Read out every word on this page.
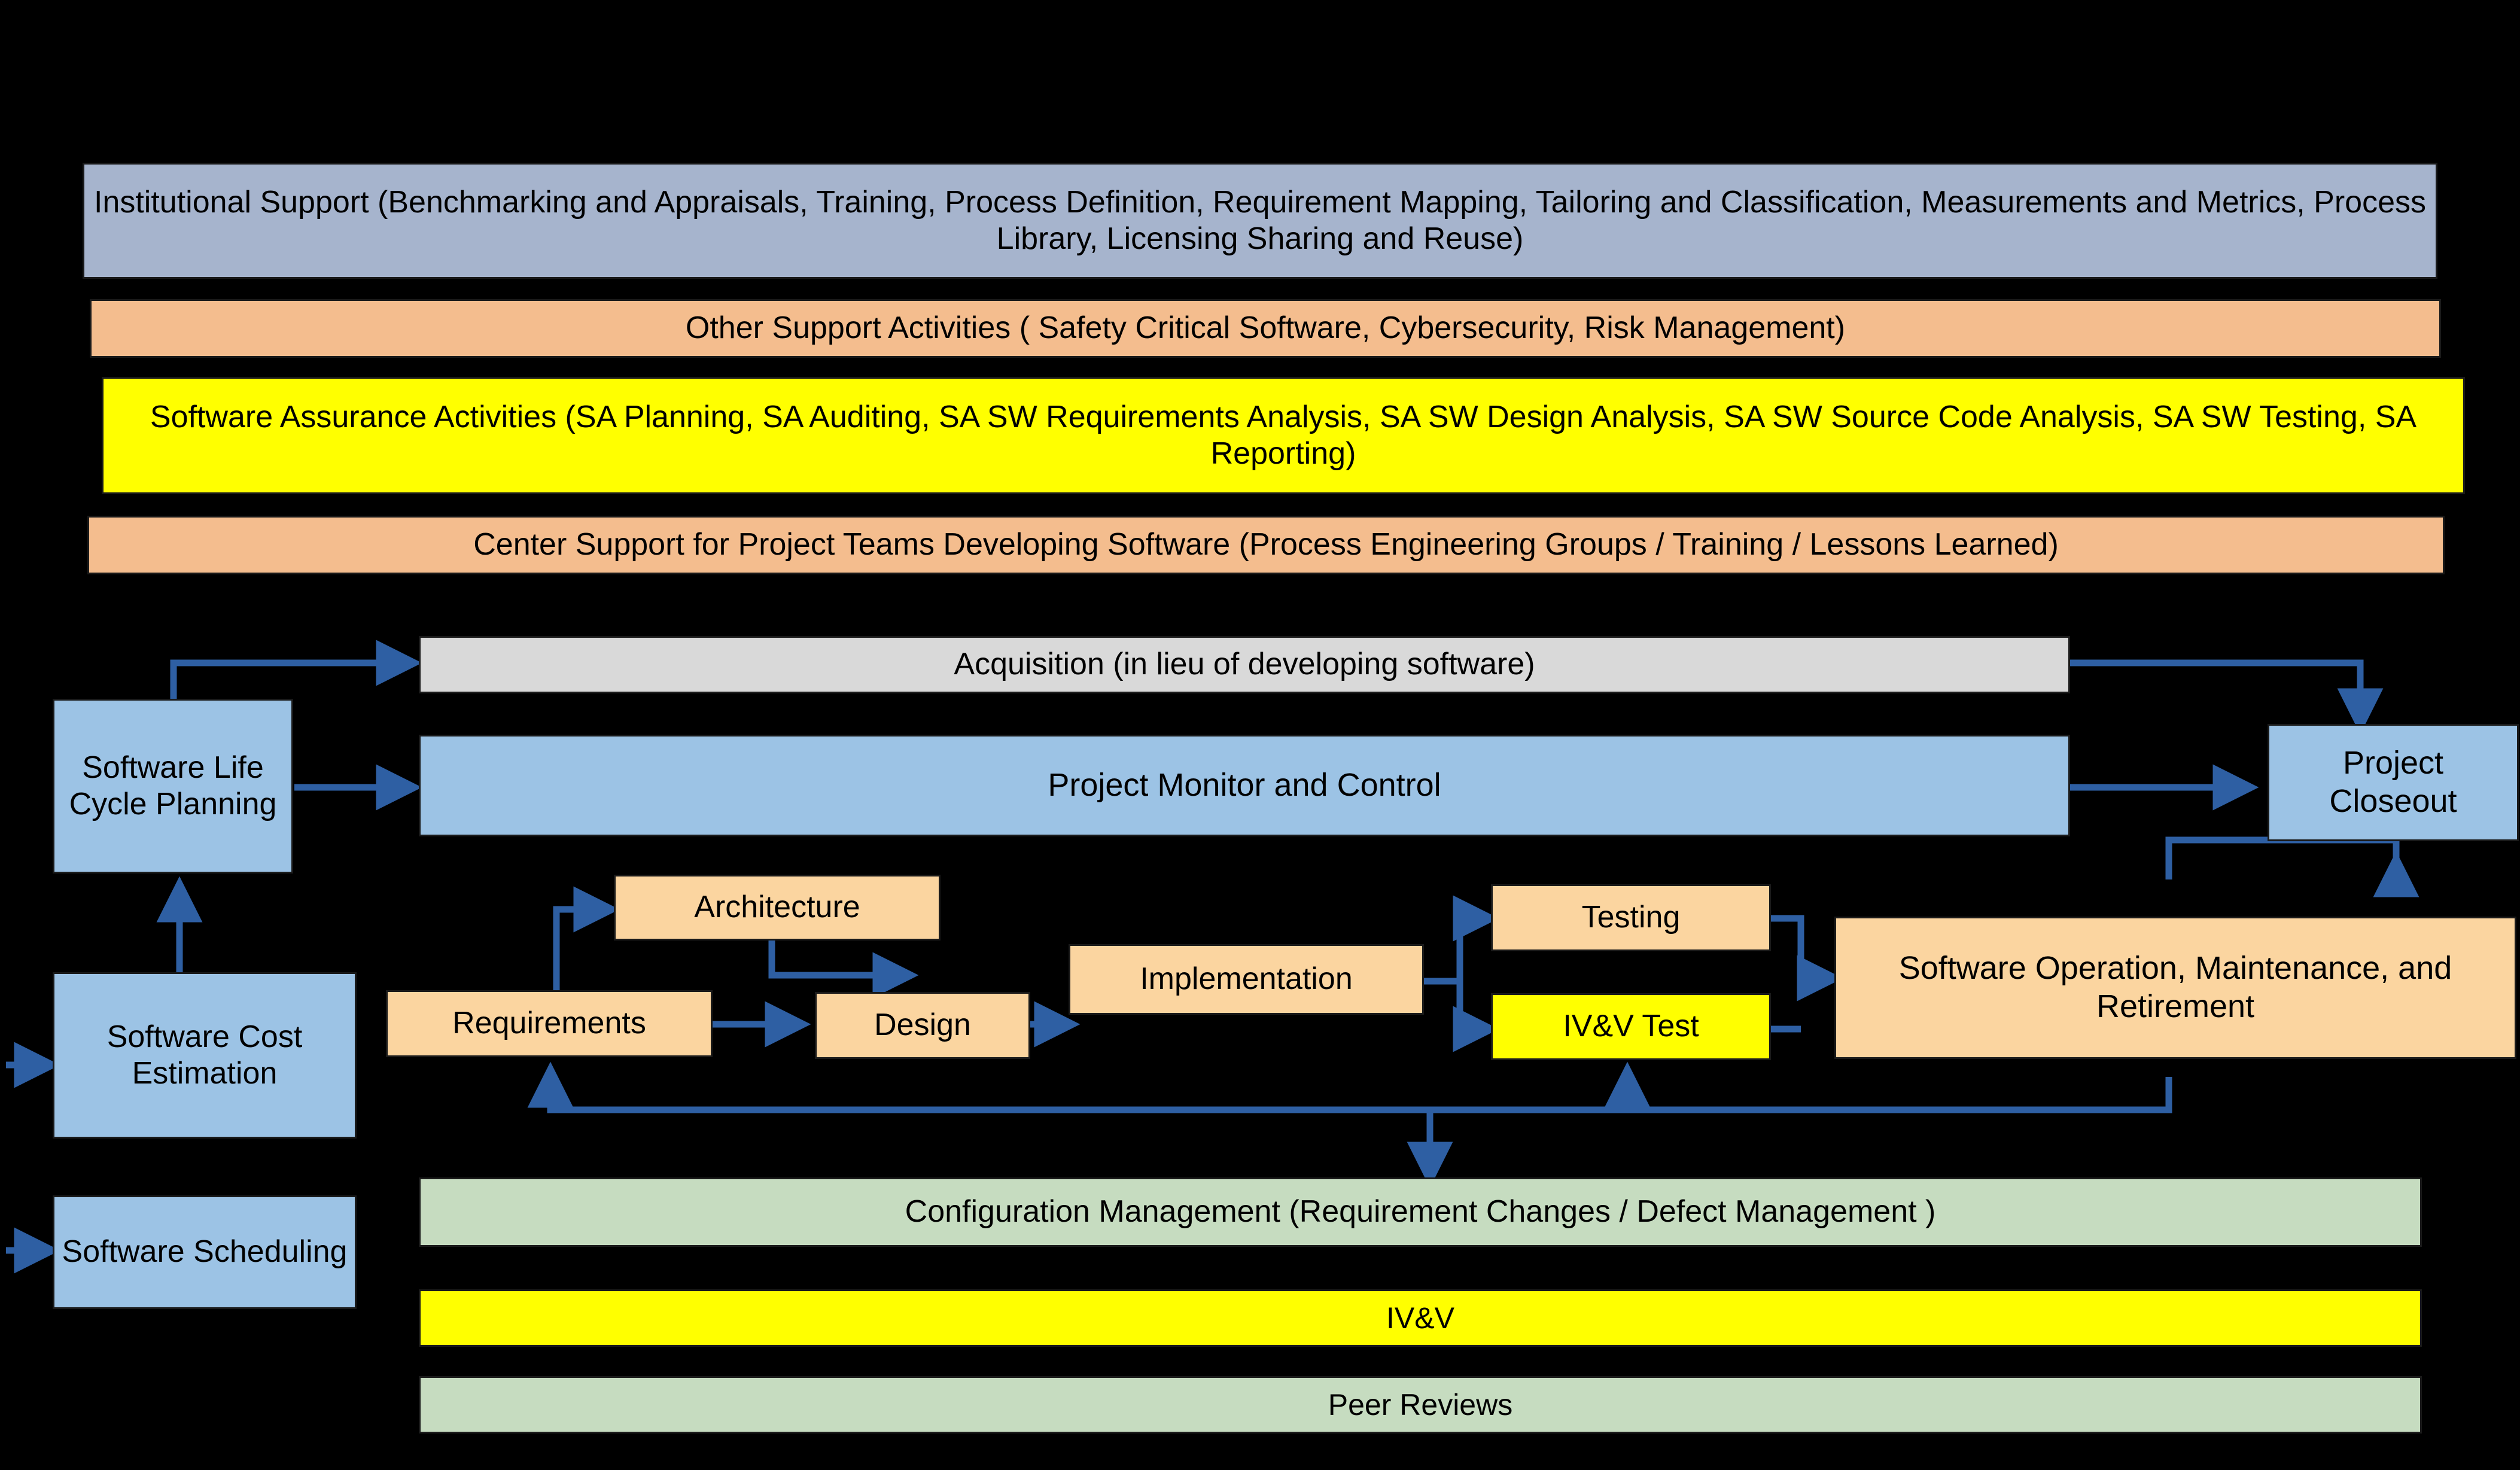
Institutional Support (Benchmarking and Appraisals, Training, Process Definition, Requirement Mapping, Tailoring and Classification, Measurements and Metrics, Process Library, Licensing Sharing and Reuse)
Other Support Activities ( Safety Critical Software, Cybersecurity, Risk Management)
Software Assurance Activities (SA Planning, SA Auditing, SA SW Requirements Analysis, SA SW Design Analysis, SA SW Source Code Analysis, SA SW Testing, SA Reporting)
Center Support for Project Teams Developing Software (Process Engineering Groups / Training / Lessons Learned)
Acquisition (in lieu of developing software)
Project Monitor and Control
Software Life Cycle Planning
Project Closeout
Software Cost Estimation
Software Scheduling
Requirements
Architecture
Design
Implementation
Testing
IV&V Test
Software Operation, Maintenance, and Retirement
Configuration Management (Requirement Changes / Defect Management )
IV&V
Peer Reviews
